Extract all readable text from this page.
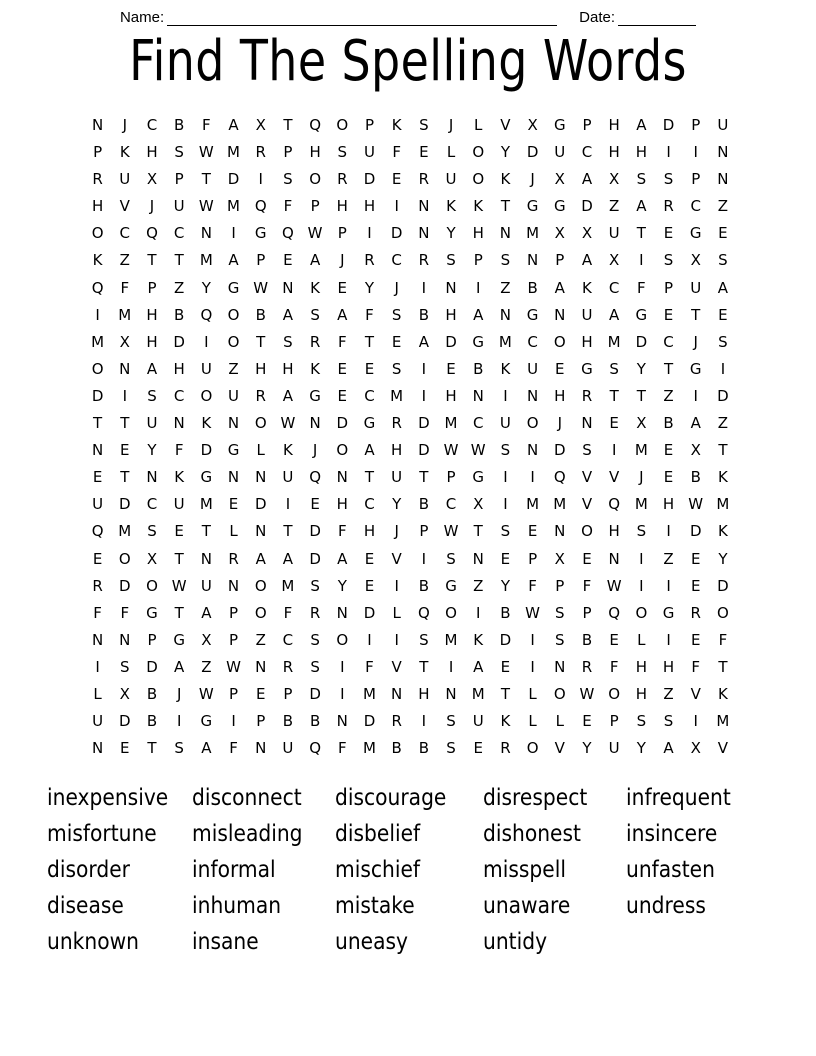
Name:	Date:
Find The Spelling Words
N	J	C	B	F	A	X	T	Q	O	P	K	S	J	L	V	X	G	P	H	A	D	P	U
P	K	H	S	W M	R	P	H	S	U	F	E	L	O	Y	D	U	C	H	H	I	I	N
R	U	X	P	T	D	I	S	O	R	D	E	R	U	O	K	J	X	A	X	S	S	P	N
H	V	J	U W M Q	F	P	H	H	I	N	K	K	T	G	G	D	Z	A	R	C	Z
O	C	Q	C	N	I	G	Q W	P	I	D	N	Y	H	N	M	X	X	U	T	E	G	E
K	Z	T	T	M	A	P	E	A	J	R	C	R	S	P	S	N	P	A	X	I	S	X	S
Q	F	P	Z	Y	G W N	K	E	Y	J	I	N	I	Z	B	A	K	C	F	P	U	A
I	M	H	B	Q	O	B	A	S	A	F	S	B	H	A	N	G	N	U	A	G	E	T	E
M	X	H	D	I	O	T	S	R	F	T	E	A	D	G M	C	O	H	M D	C	J	S
O	N	A	H	U	Z	H	H	K	E	E	S	I	E	B	K	U	E	G	S	Y	T	G	I
D	I	S	C	O	U	R	A	G	E	C	M	I	H	N	I	N	H	R	T	T	Z	I	D
T	T	U	N	K	N	O W N	D	G	R	D M	C	U	O	J	N	E	X	B	A	Z
N	E	Y	F	D	G	L	K	J	O	A	H	D W W	S	N	D	S	I	M	E	X	T
E	T	N	K	G	N	N	U	Q	N	T	U	T	P	G	I	I	Q	V	V	J	E	B	K
U	D	C	U	M	E	D	I	E	H	C	Y	B	C	X	I	M M	V	Q M	H W M
Q M	S	E	T	L	N	T	D	F	H	J	P	W	T	S	E	N	O	H	S	I	D	K
E	O	X	T	N	R	A	A	D	A	E	V	I	S	N	E	P	X	E	N	I	Z	E	Y
R	D	O W U	N	O M	S	Y	E	I	B	G	Z	Y	F	P	F	W	I	I	E	D
F	F	G	T	A	P	O	F	R	N	D	L	Q	O	I	B W	S	P	Q	O	G	R	O
N	N	P	G	X	P	Z	C	S	O	I	I	S	M	K	D	I	S	B	E	L	I	E	F
I	S	D	A	Z W N	R	S	I	F	V	T	I	A	E	I	N	R	F	H	H	F	T
L	X	B	J	W	P	E	P	D	I	M	N	H	N	M	T	L	O W O	H	Z	V	K
U	D	B	I	G	I	P	B	B	N	D	R	I	S	U	K	L	L	E	P	S	S	I	M
N	E	T	S	A	F	N	U	Q	F	M	B	B	S	E	R	O	V	Y	U	Y	A	X	V
inexpensive disconnect	discourage	disrespect	infrequent
misfortune	misleading	disbelief	dishonest	insincere
disorder	informal	mischief	misspell	unfasten
disease	inhuman	mistake	unaware	undress
unknown	insane	uneasy	untidy
